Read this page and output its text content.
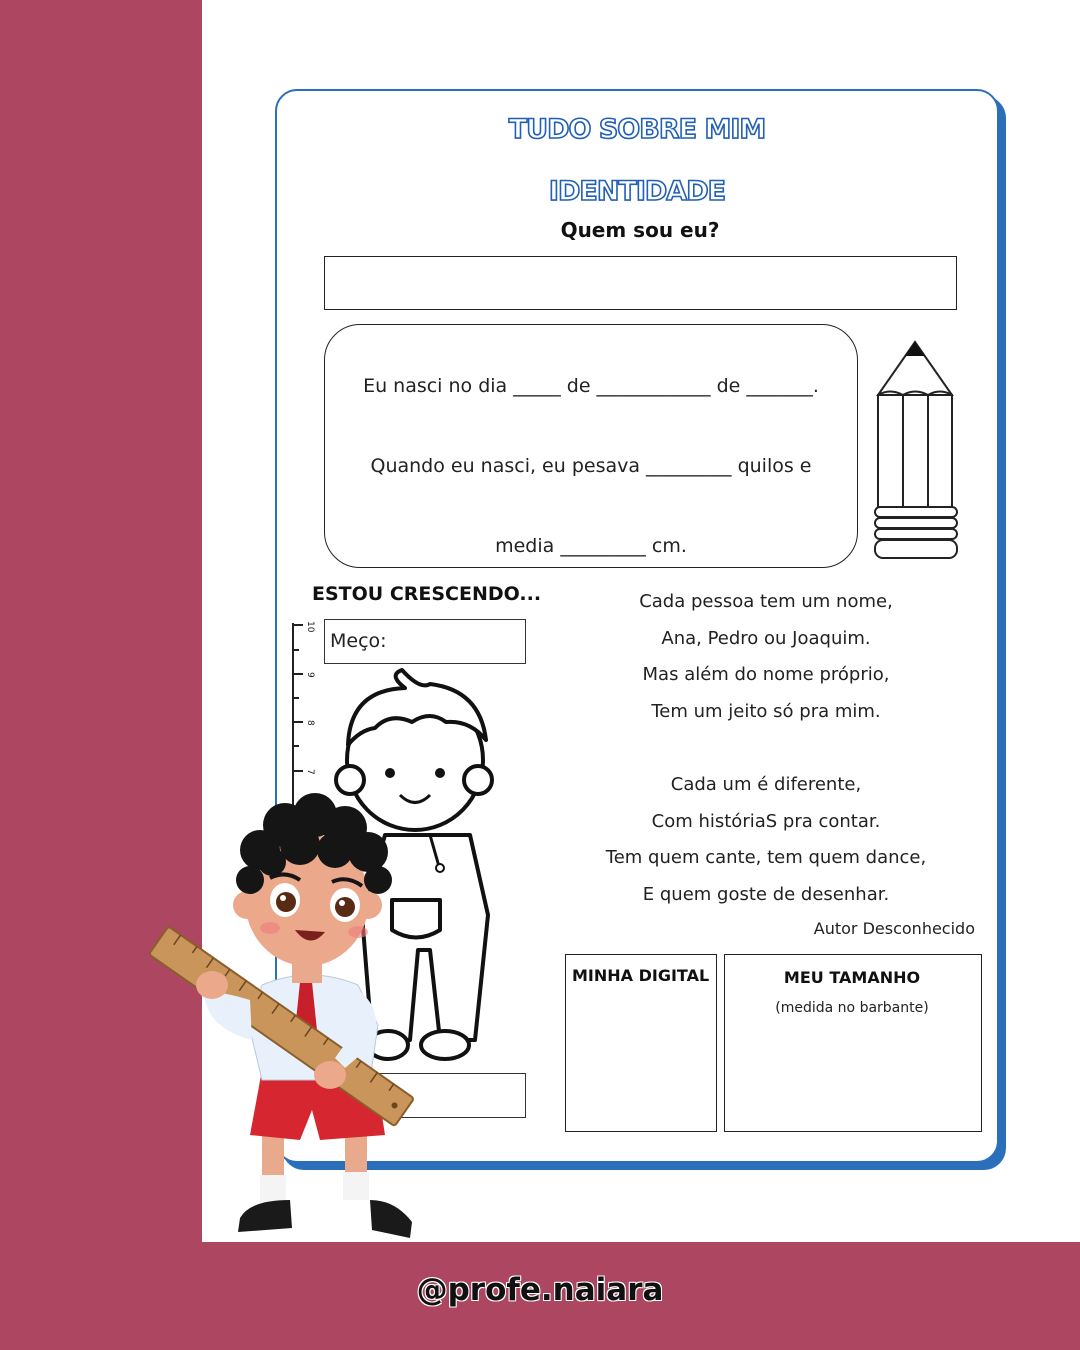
TUDO SOBRE MIM
IDENTIDADE
Quem sou eu?
Eu nasci no dia _____ de ____________ de _______.
Quando eu nasci, eu pesava _________ quilos e
media _________ cm.
ESTOU CRESCENDO...
10
9
8
7
Meço:
Cada pessoa tem um nome,
Ana, Pedro ou Joaquim.
Mas além do nome próprio,
Tem um jeito só pra mim.
Cada um é diferente,
Com históriaS pra contar.
Tem quem cante, tem quem dance,
E quem goste de desenhar.
Autor Desconhecido
MINHA DIGITAL	MEU TAMANHO
(medida no barbante)
@profe.naiara
